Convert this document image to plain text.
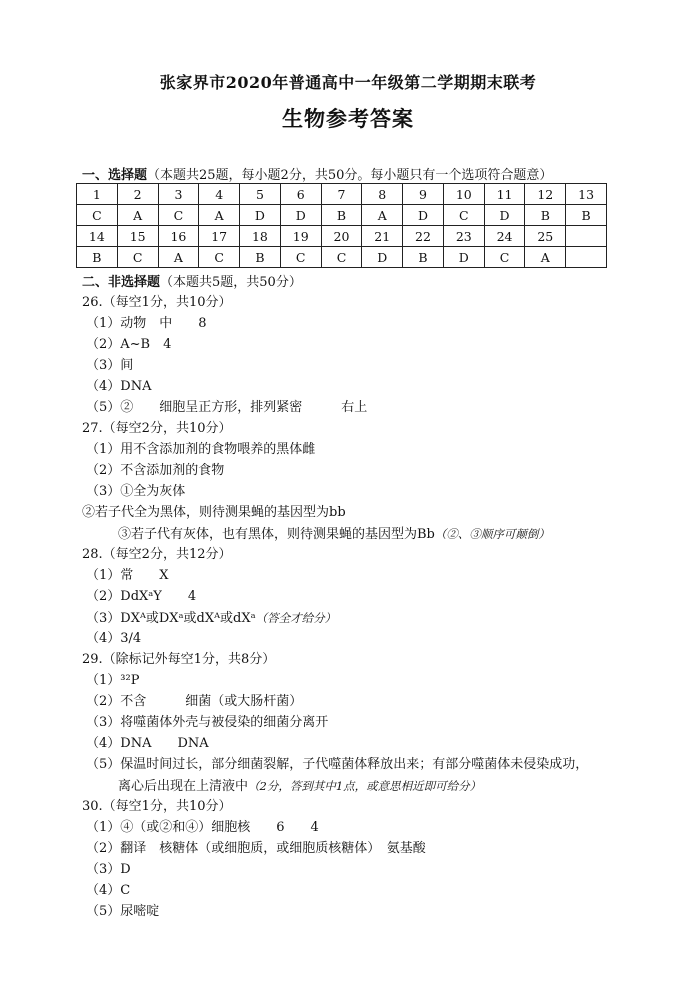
张家界市2020年普通高中一年级第二学期期末联考
生物参考答案
一、选择题（本题共25题，每小题2分，共50分。每小题只有一个选项符合题意）
1	2	3	4	5	6	7	8	9	10	11	12	13
C	A	C	A	D	D	B	A	D	C	D	B	B
14	15	16	17	18	19	20	21	22	23	24	25	
B	C	A	C	B	C	C	D	B	D	C	A	
二、非选择题（本题共5题，共50分）
26.（每空1分，共10分）
（1）动物　中　　8
（2）A~B　4
（3）间
（4）DNA
（5）②　　细胞呈正方形，排列紧密　　　右上
27.（每空2分，共10分）
（1）用不含添加剂的食物喂养的黑体雌
（2）不含添加剂的食物
（3）①全为灰体
②若子代全为黑体，则待测果蝇的基因型为bb
③若子代有灰体，也有黑体，则待测果蝇的基因型为Bb（②、③顺序可颠倒）
28.（每空2分，共12分）
（1）常　　X
（2）DdXᵃY　　4
（3）DXᴬ或DXᵃ或dXᴬ或dXᵃ（答全才给分）
（4）3/4
29.（除标记外每空1分，共8分）
（1）³²P
（2）不含　　　细菌（或大肠杆菌）
（3）将噬菌体外壳与被侵染的细菌分离开
（4）DNA　　DNA
（5）保温时间过长，部分细菌裂解，子代噬菌体释放出来；有部分噬菌体未侵染成功，
离心后出现在上清液中（2分，答到其中1点，或意思相近即可给分）
30.（每空1分，共10分）
（1）④（或②和④）细胞核　　6　　4
（2）翻译　核糖体（或细胞质，或细胞质核糖体）　氨基酸
（3）D
（4）C
（5）尿嘧啶
